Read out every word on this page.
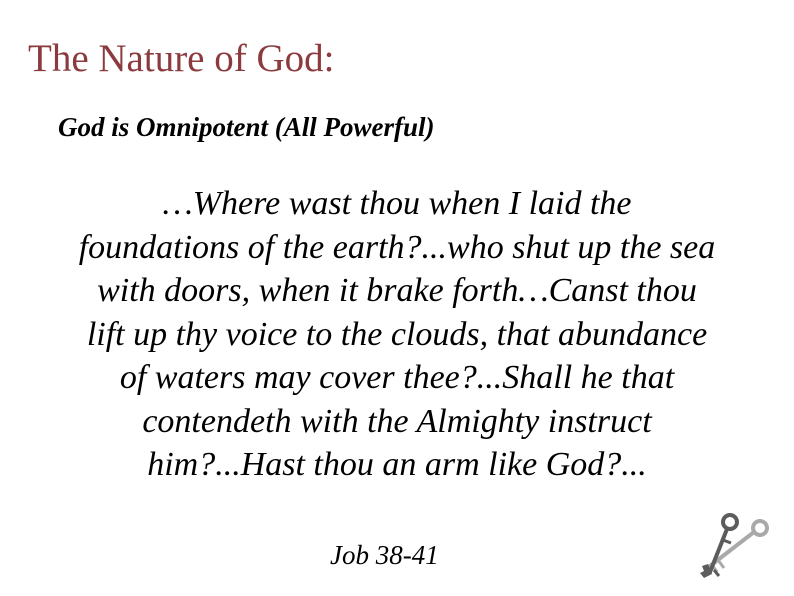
The Nature of God:
God is Omnipotent (All Powerful)
…Where wast thou when I laid the
foundations of the earth?...who shut up the sea
with doors, when it brake forth…Canst thou
lift up thy voice to the clouds, that abundance
of waters may cover thee?...Shall he that
contendeth with the Almighty instruct
him?...Hast thou an arm like God?...
Job 38-41
